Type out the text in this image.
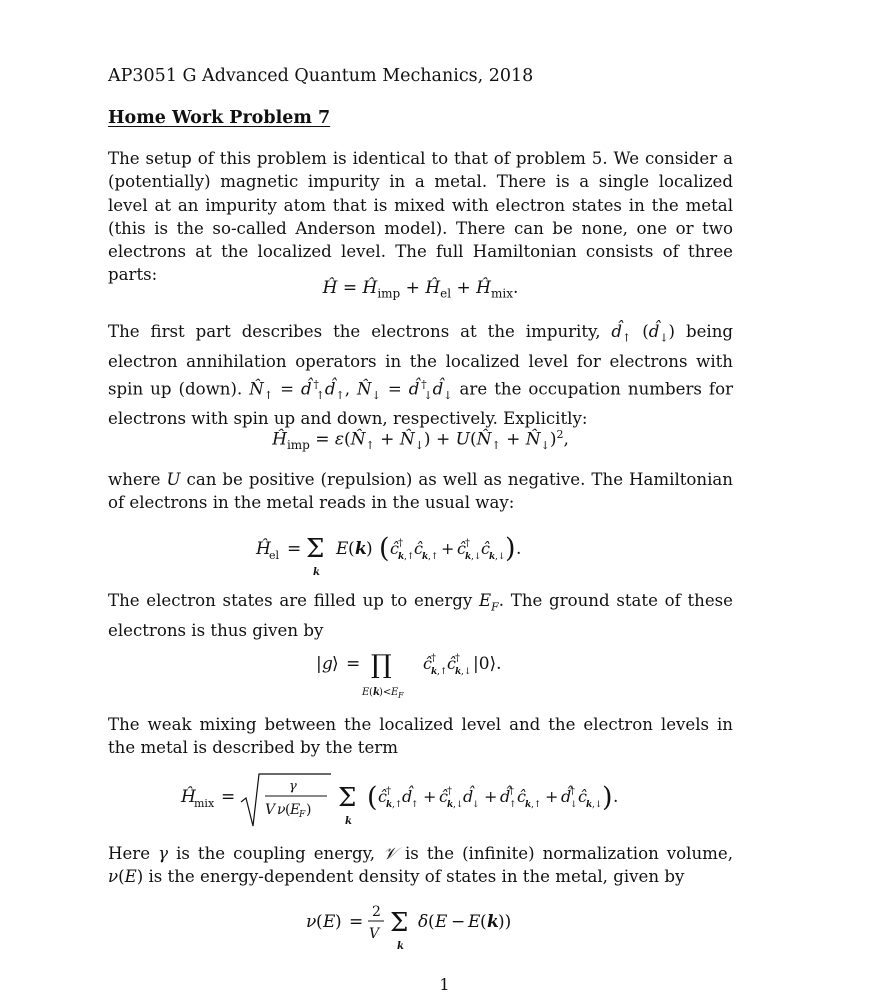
AP3051 G Advanced Quantum Mechanics, 2018
Home Work Problem 7
The setup of this problem is identical to that of problem 5. We consider a (potentially) magnetic impurity in a metal. There is a single localized level at an impurity atom that is mixed with electron states in the metal (this is the so-called Anderson model). There can be none, one or two electrons at the localized level. The full Hamiltonian consists of three parts:
Ĥ = $Ĥ_{imp}$ + $Ĥ_{el}$ + $Ĥ_{mix}$.
The first part describes the electrons at the impurity, $d̂_↑$ $(d̂_↓)$ being electron annihilation operators in the localized level for electrons with spin up (down). $N̂_↑$ = $d̂^\dagger_↑d̂_↑$, $N̂_↓$ = $d̂^\dagger_↓d̂_↓$ are the occupation numbers for electrons with spin up and down, respectively. Explicitly:
$Ĥ_{imp}$ = $\varepsilon(N̂_↑$ + $N̂_↓$) + $U(N̂_↑$ + $N̂_↓)^2$,
where U can be positive (repulsion) as well as negative. The Hamiltonian of electrons in the metal reads in the usual way:
Ĥ
el = Σ
k
E ( k ) ( ĉ †
k ,↑ ĉ k ,↑ + ĉ †
k ,↓ ĉ k ,↓ ) .
The electron states are filled up to energy $E_F$. The ground state of these electrons is thus given by
| g ⟩ = ∏
E ( k )< E F
ĉ †
k ,↑ ĉ †
k ,↓ |0⟩.
The weak mixing between the localized level and the electron levels in the metal is described by the term
Ĥ
mix =
γ
V ν ( E
F ) Σ
k
( ĉ †
k ,↑ d̂
↑ + ĉ †
k ,↓ d̂
↓ + d̂
†
↑ ĉ k ,↑ + d̂
†
↓ ĉ k ,↓ ) .
Here γ is the coupling energy, 𝒱 is the (infinite) normalization volume, ν(E) is the energy-dependent density of states in the metal, given by
ν ( E ) = 2
V Σ
k
δ ( E − E ( k ))
1
